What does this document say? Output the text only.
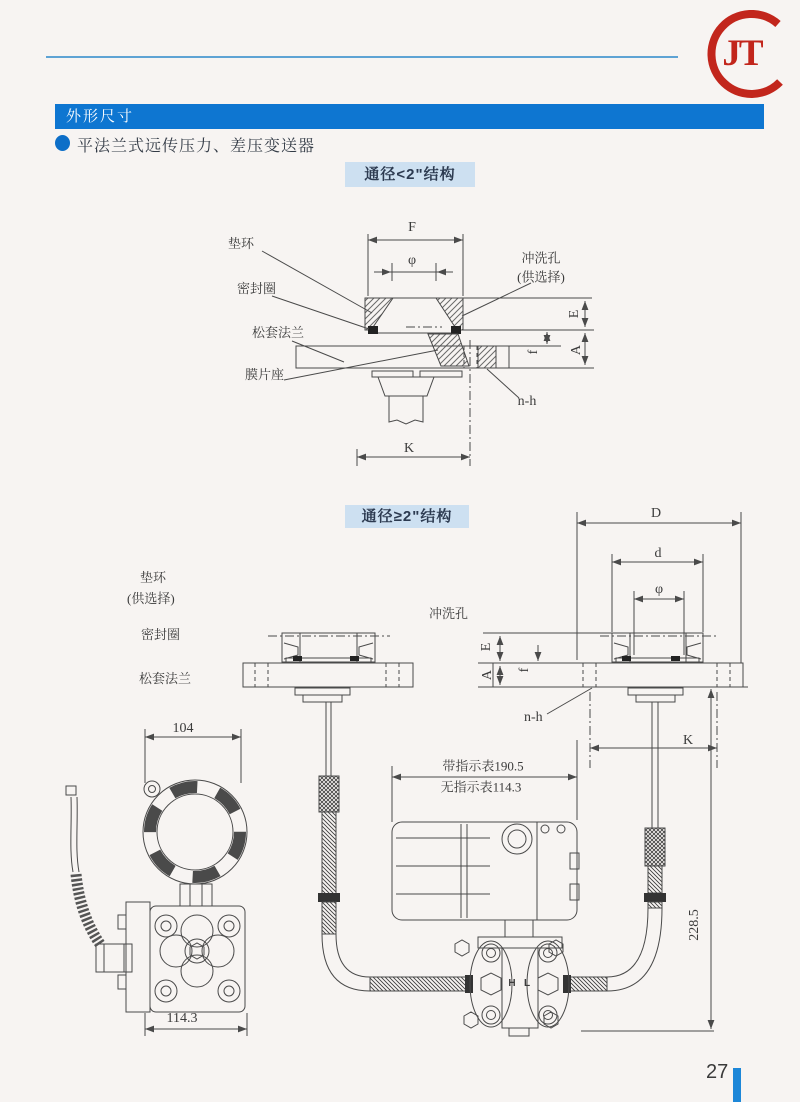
JT
外形尺寸
平法兰式远传压力、差压变送器
通径<2"结构
通径≥2"结构
垫环
密封圈
松套法兰
膜片座
冲洗孔
(供选择)
F
φ
E
f A
n-h
K
垫环
(供选择)
密封圈
松套法兰
冲洗孔
D
d
φ
E
A f
n-h
K
104
带指示表190.5
无指示表114.3
228.5
H L
114.3
27
